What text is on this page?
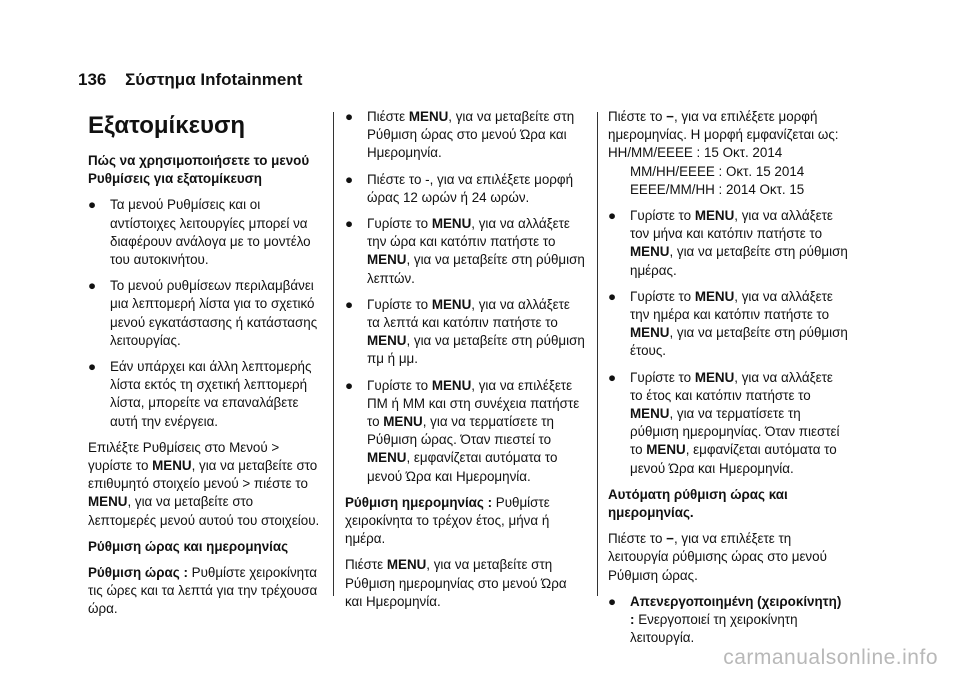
136 Σύστημα Infotainment
Εξατομίκευση
Πώς να χρησιμοποιήσετε το μενού Ρυθμίσεις για εξατομίκευση
●	Τα μενού Ρυθμίσεις και οι αντίστοιχες λειτουργίες μπορεί να διαφέρουν ανάλογα με το μοντέλο του αυτοκινήτου.
●	Το μενού ρυθμίσεων περιλαμβάνει μια λεπτομερή λίστα για το σχετικό μενού εγκατάστασης ή κατάστασης λειτουργίας.
●	Εάν υπάρχει και άλλη λεπτομερής λίστα εκτός τη σχετική λεπτομερή λίστα, μπορείτε να επαναλάβετε αυτή την ενέργεια.

Επιλέξτε Ρυθμίσεις στο Μενού > γυρίστε το MENU, για να μεταβείτε στο επιθυμητό στοιχείο μενού > πιέστε το MENU, για να μεταβείτε στο λεπτομερές μενού αυτού του στοιχείου.

Ρύθμιση ώρας και ημερομηνίας

Ρύθμιση ώρας : Ρυθμίστε χειροκίνητα τις ώρες και τα λεπτά για την τρέχουσα ώρα.

●	Πιέστε MENU, για να μεταβείτε στη Ρύθμιση ώρας στο μενού Ώρα και Ημερομηνία.
●	Πιέστε το -, για να επιλέξετε μορφή ώρας 12 ωρών ή 24 ωρών.
●	Γυρίστε το MENU, για να αλλάξετε την ώρα και κατόπιν πατήστε το MENU, για να μεταβείτε στη ρύθμιση λεπτών.
●	Γυρίστε το MENU, για να αλλάξετε τα λεπτά και κατόπιν πατήστε το MENU, για να μεταβείτε στη ρύθμιση πμ ή μμ.
●	Γυρίστε το MENU, για να επιλέξετε ΠΜ ή ΜΜ και στη συνέχεια πατήστε το MENU, για να τερματίσετε τη Ρύθμιση ώρας. Όταν πιεστεί το MENU, εμφανίζεται αυτόματα το μενού Ώρα και Ημερομηνία.

Ρύθμιση ημερομηνίας : Ρυθμίστε χειροκίνητα το τρέχον έτος, μήνα ή ημέρα.

Πιέστε MENU, για να μεταβείτε στη Ρύθμιση ημερομηνίας στο μενού Ώρα και Ημερομηνία.

Πιέστε το −, για να επιλέξετε μορφή ημερομηνίας. Η μορφή εμφανίζεται ως: ΗΗ/ΜΜ/ΕΕΕΕ : 15 Οκτ. 2014

ΜΜ/ΗΗ/ΕΕΕΕ : Οκτ. 15 2014
ΕΕΕΕ/ΜΜ/ΗΗ : 2014 Οκτ. 15
●	Γυρίστε το MENU, για να αλλάξετε τον μήνα και κατόπιν πατήστε το MENU, για να μεταβείτε στη ρύθμιση ημέρας.
●	Γυρίστε το MENU, για να αλλάξετε την ημέρα και κατόπιν πατήστε το MENU, για να μεταβείτε στη ρύθμιση έτους.
●	Γυρίστε το MENU, για να αλλάξετε το έτος και κατόπιν πατήστε το MENU, για να τερματίσετε τη ρύθμιση ημερομηνίας. Όταν πιεστεί το MENU, εμφανίζεται αυτόματα το μενού Ώρα και Ημερομηνία.
Αυτόματη ρύθμιση ώρας και ημερομηνίας.

Πιέστε το −, για να επιλέξετε τη λειτουργία ρύθμισης ώρας στο μενού Ρύθμιση ώρας.

●	Απενεργοποιημένη (χειροκίνητη) : Ενεργοποιεί τη χειροκίνητη λειτουργία.
carmanualsonline.info
